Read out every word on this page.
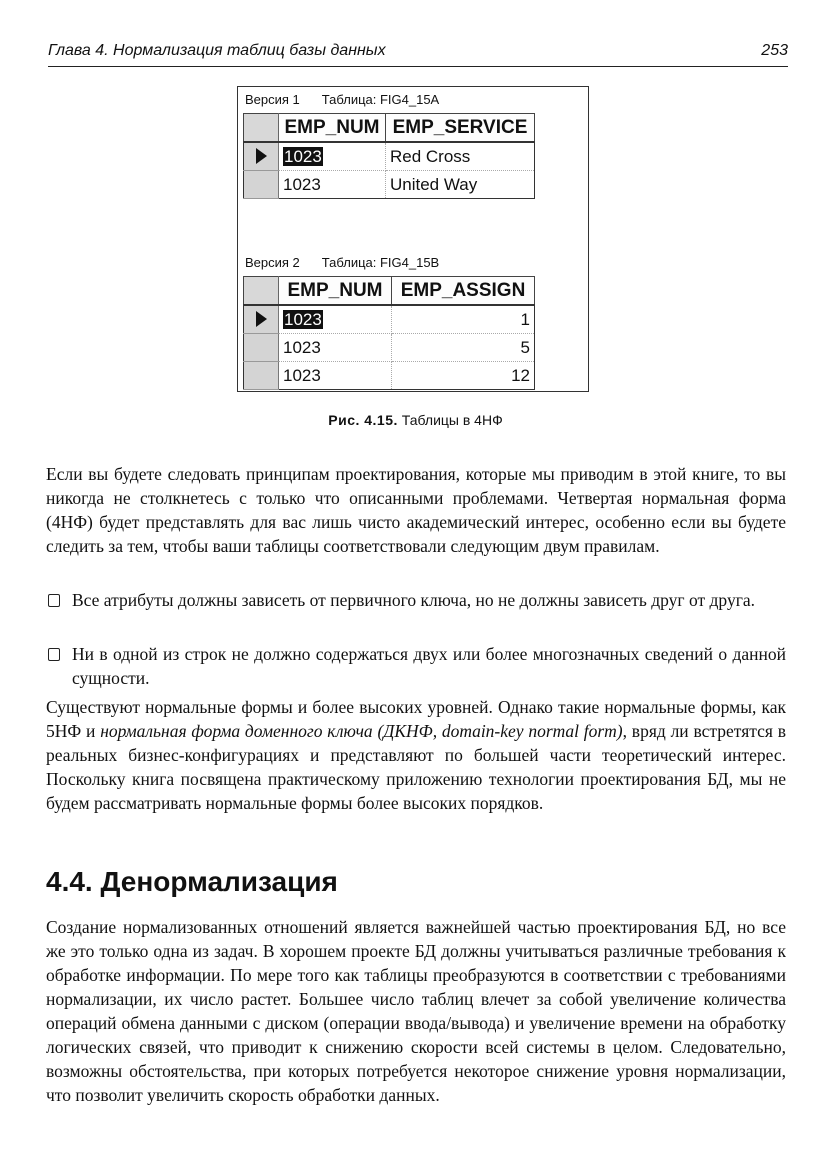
Глава 4. Нормализация таблиц базы данных	253
Версия 1 Таблица: FIG4_15A
	EMP_NUM	EMP_SERVICE
	1023	Red Cross
	1023	United Way
Версия 2 Таблица: FIG4_15B
	EMP_NUM	EMP_ASSIGN
	1023	1
	1023	5
	1023	12
Рис. 4.15. Таблицы в 4НФ

Если вы будете следовать принципам проектирования, которые мы приводим в этой книге, то вы никогда не столкнетесь с только что описанными проблемами. Четвертая нормальная форма (4НФ) будет представлять для вас лишь чисто академический интерес, особенно если вы будете следить за тем, чтобы ваши таблицы соответствовали следующим двум правилам.

Все атрибуты должны зависеть от первичного ключа, но не должны зависеть друг от друга.
Ни в одной из строк не должно содержаться двух или более многозначных сведений о данной сущности.

Существуют нормальные формы и более высоких уровней. Однако такие нормальные формы, как 5НФ и нормальная форма доменного ключа (ДКНФ, domain-key normal form), вряд ли встретятся в реальных бизнес-конфигурациях и представляют по большей части теоретический интерес. Поскольку книга посвящена практическому приложению технологии проектирования БД, мы не будем рассматривать нормальные формы более высоких порядков.

4.4. Денормализация

Создание нормализованных отношений является важнейшей частью проектирования БД, но все же это только одна из задач. В хорошем проекте БД должны учитываться различные требования к обработке информации. По мере того как таблицы преобразуются в соответствии с требованиями нормализации, их число растет. Большее число таблиц влечет за собой увеличение количества операций обмена данными с диском (операции ввода/вывода) и увеличение времени на обработку логических связей, что приводит к снижению скорости всей системы в целом. Следовательно, возможны обстоятельства, при которых потребуется некоторое снижение уровня нормализации, что позволит увеличить скорость обработки данных.
